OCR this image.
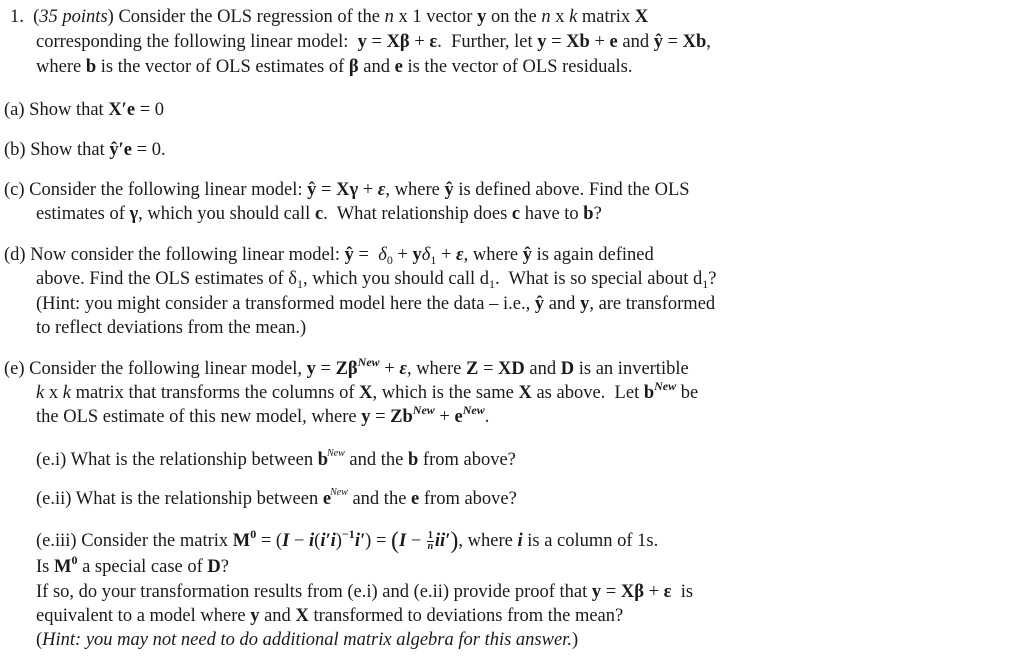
1.  (35 points) Consider the OLS regression of the n x 1 vector y on the n x k matrix X
corresponding the following linear model:  y = Xβ + ε.  Further, let y = Xb + e and ŷ = Xb,
where b is the vector of OLS estimates of β and e is the vector of OLS residuals.
(a) Show that X′e = 0
(b) Show that ŷ′e = 0.
(c) Consider the following linear model: ŷ = Xγ + ε, where ŷ is defined above. Find the OLS
estimates of γ, which you should call c.  What relationship does c have to b?
(d) Now consider the following linear model: ŷ =  $\delta_0 + y\delta_1 + \varepsilon$, where ŷ is again defined
above. Find the OLS estimates of $\delta_1$, which you should call $d_1$.  What is so special about $d_1$?
(Hint: you might consider a transformed model here the data – i.e., ŷ and y, are transformed
to reflect deviations from the mean.)
(e) Consider the following linear model, $y = Z\beta^{New} + \varepsilon$, where Z = XD and D is an invertible
k x k matrix that transforms the columns of X, which is the same X as above.  Let $b^{New}$ be
the OLS estimate of this new model, where $y = Zb^{New} + e^{New}$.
(e.i) What is the relationship between $b^{New}$ and the b from above?
(e.ii) What is the relationship between $e^{New}$ and the e from above?
(e.iii) Consider the matrix $M^0 = (I - i(i'i)^{-1}i') = (I - \frac{1}{n} ii')$, where i is a column of 1s.
Is $M^0$ a special case of D?
If so, do your transformation results from (e.i) and (e.ii) provide proof that y = Xβ + ε  is
equivalent to a model where y and X transformed to deviations from the mean?
(Hint: you may not need to do additional matrix algebra for this answer.)
